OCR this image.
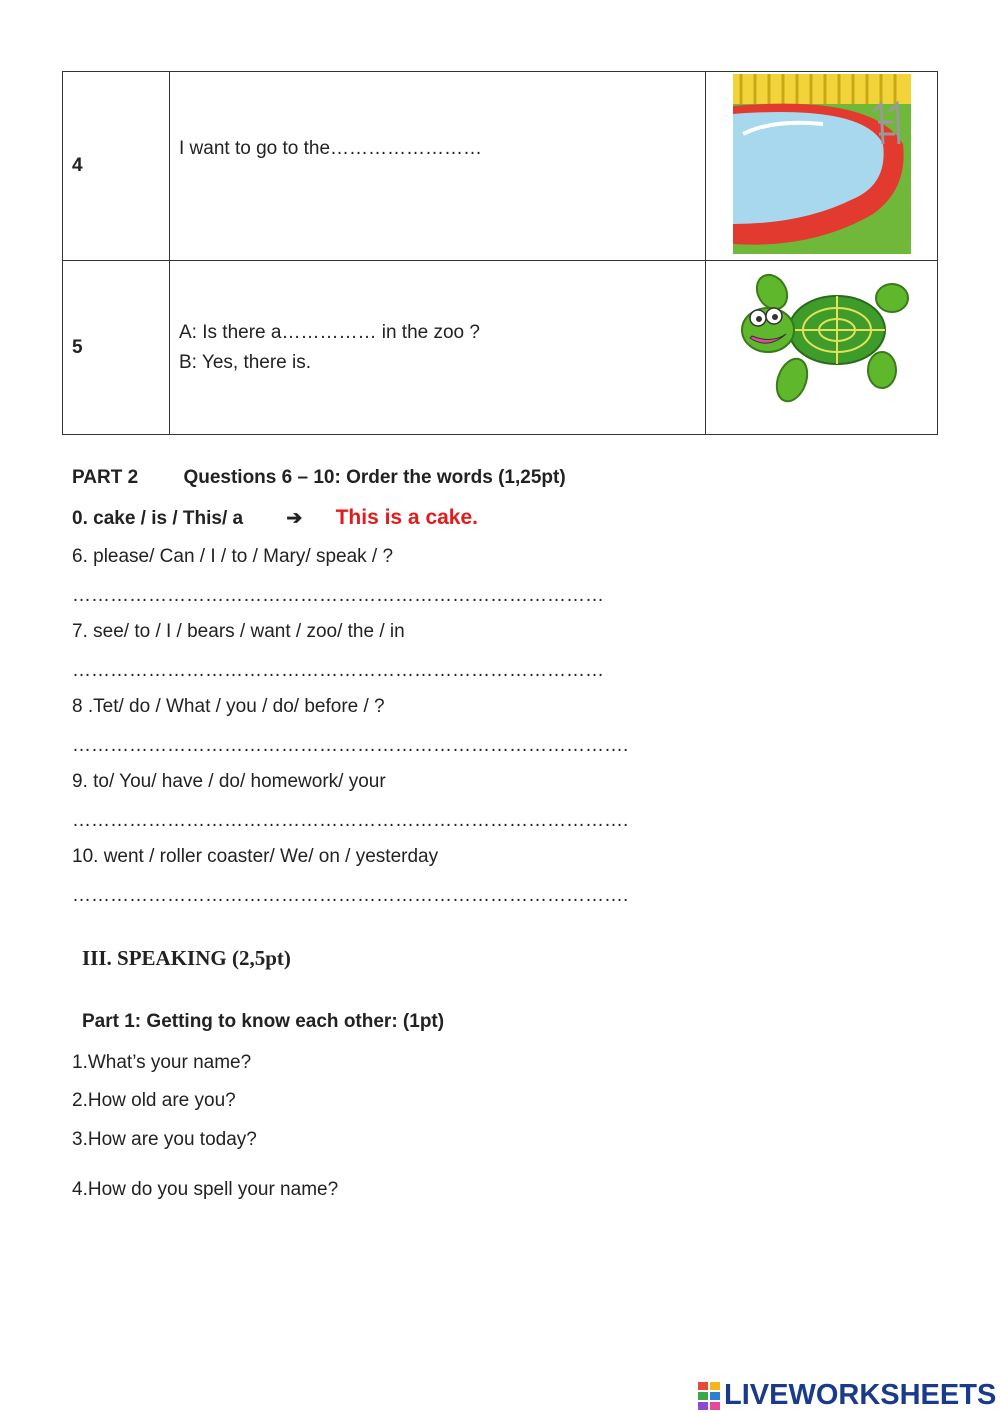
4	I want to go to the……………………

5	A: Is there a…………… in the zoo ?
B: Yes, there is.

PART 2 Questions 6 – 10: Order the words (1,25pt)
0. cake / is / This/ a ➔ This is a cake.
6. please/ Can / I / to / Mary/ speak / ?
…………………………………………………………………………
7. see/ to / I / bears / want / zoo/ the / in
…………………………………………………………………………
8 .Tet/ do / What / you / do/ before / ?
…………………………………………………………………………….
9. to/ You/ have / do/ homework/ your
…………………………………………………………………………….
10. went / roller coaster/ We/ on / yesterday
…………………………………………………………………………….
III. SPEAKING (2,5pt)
Part 1: Getting to know each other: (1pt)
1.What’s your name?
2.How old are you?
3.How are you today?
4.How do you spell your name?
LIVEWORKSHEETS
